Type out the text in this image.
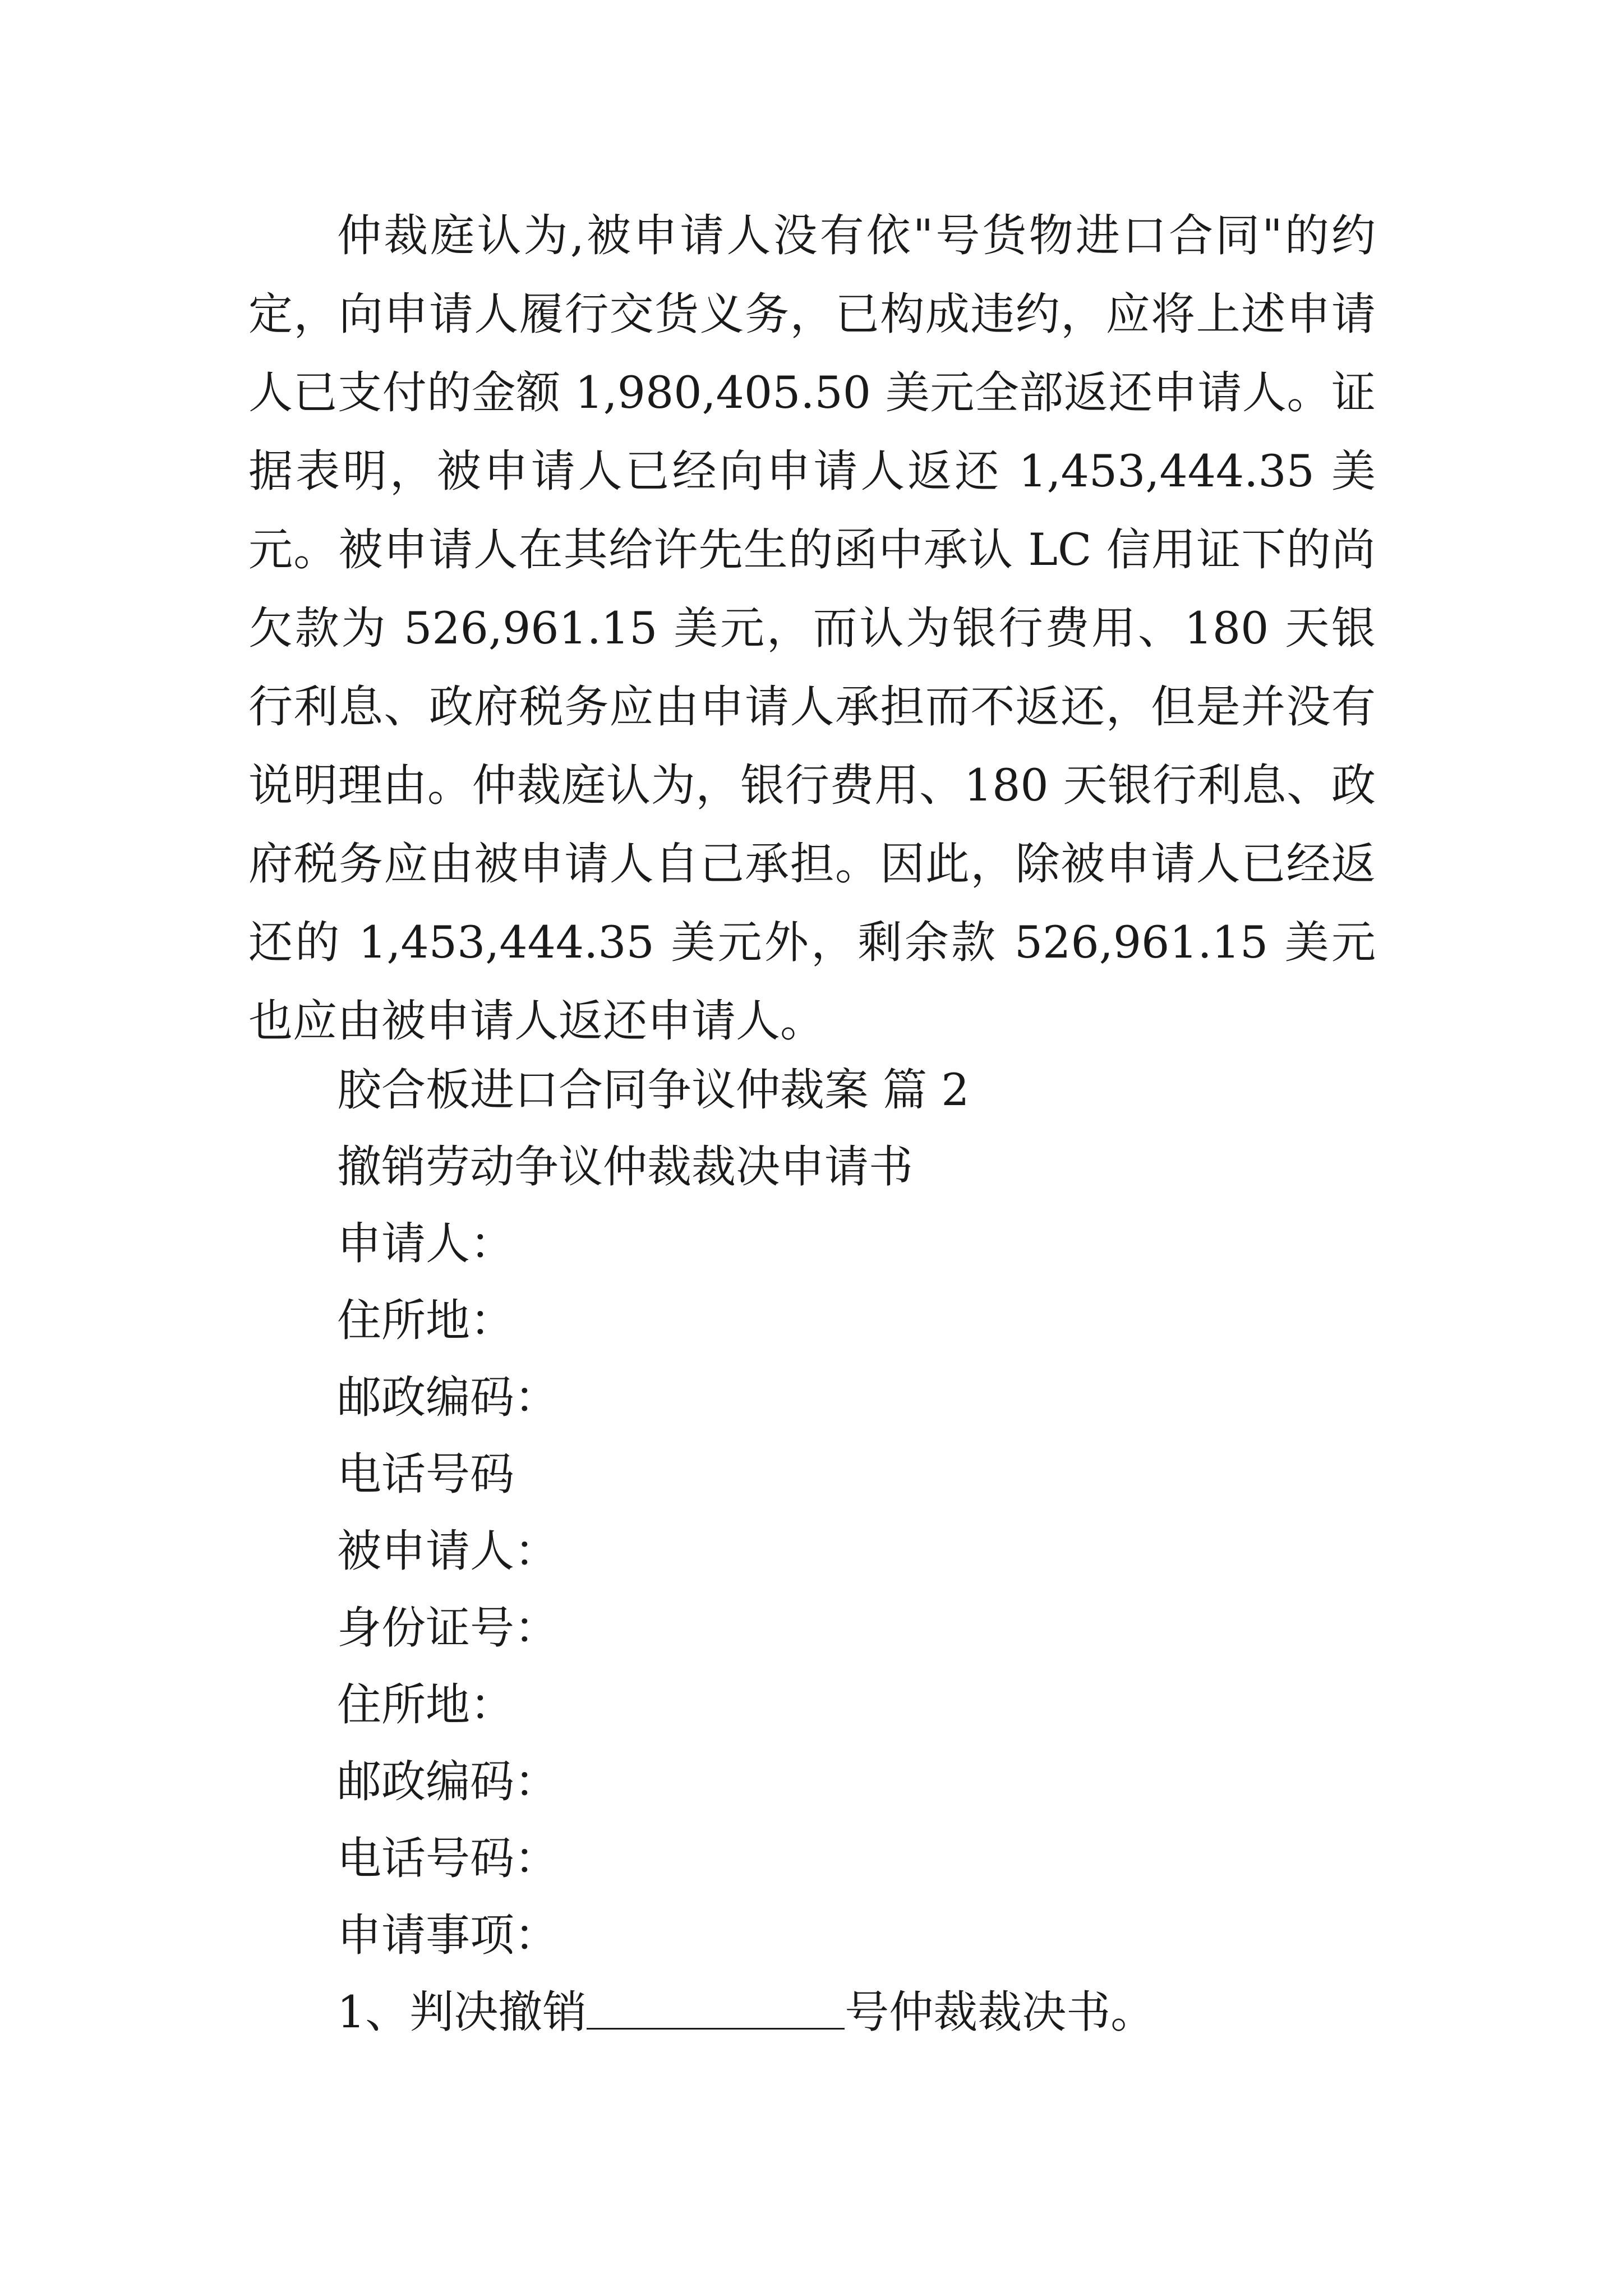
仲裁庭认为,被申请人没有依"号货物进口合同"的约定，向申请人履行交货义务，已构成违约，应将上述申请人已支付的金额 1,980,405.50 美元全部返还申请人。证据表明，被申请人已经向申请人返还 1,453,444.35 美元。被申请人在其给许先生的函中承认 LC 信用证下的尚欠款为 526,961.15 美元，而认为银行费用、180 天银行利息、政府税务应由申请人承担而不返还，但是并没有说明理由。仲裁庭认为，银行费用、180 天银行利息、政府税务应由被申请人自己承担。因此，除被申请人已经返还的 1,453,444.35 美元外，剩余款 526,961.15 美元也应由被申请人返还申请人。

胶合板进口合同争议仲裁案 篇 2

撤销劳动争议仲裁裁决申请书

申请人：

住所地：

邮政编码：

电话号码

被申请人：

身份证号：

住所地：

邮政编码：

电话号码：

申请事项：

1、判决撤销	号仲裁裁决书。
